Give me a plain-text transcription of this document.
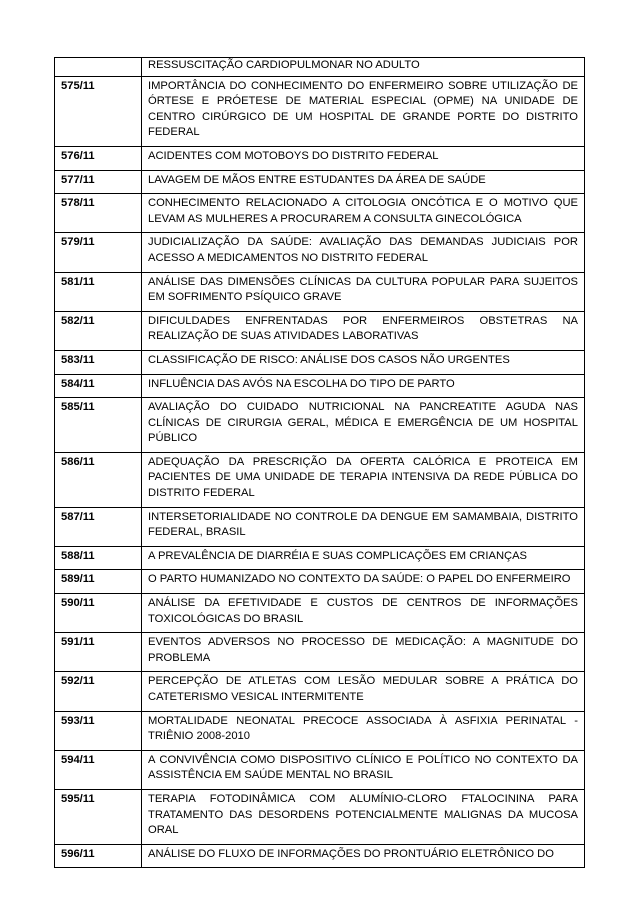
	RESSUSCITAÇÃO CARDIOPULMONAR NO ADULTO
575/11	IMPORTÂNCIA DO CONHECIMENTO DO ENFERMEIRO SOBRE UTILIZAÇÃO DE ÓRTESE E PRÓETESE DE MATERIAL ESPECIAL (OPME) NA UNIDADE DE CENTRO CIRÚRGICO DE UM HOSPITAL DE GRANDE PORTE DO DISTRITO FEDERAL
576/11	ACIDENTES COM MOTOBOYS DO DISTRITO FEDERAL
577/11	LAVAGEM DE MÃOS ENTRE ESTUDANTES DA ÁREA DE SAÚDE
578/11	CONHECIMENTO RELACIONADO A CITOLOGIA ONCÓTICA E O MOTIVO QUE LEVAM AS MULHERES A PROCURAREM A CONSULTA GINECOLÓGICA
579/11	JUDICIALIZAÇÃO DA SAÚDE: AVALIAÇÃO DAS DEMANDAS JUDICIAIS POR ACESSO A MEDICAMENTOS NO DISTRITO FEDERAL
581/11	ANÁLISE DAS DIMENSÕES CLÍNICAS DA CULTURA POPULAR PARA SUJEITOS EM SOFRIMENTO PSÍQUICO GRAVE
582/11	DIFICULDADES ENFRENTADAS POR ENFERMEIROS OBSTETRAS NA REALIZAÇÃO DE SUAS ATIVIDADES LABORATIVAS
583/11	CLASSIFICAÇÃO DE RISCO: ANÁLISE DOS CASOS NÃO URGENTES
584/11	INFLUÊNCIA DAS AVÓS NA ESCOLHA DO TIPO DE PARTO
585/11	AVALIAÇÃO DO CUIDADO NUTRICIONAL NA PANCREATITE AGUDA NAS CLÍNICAS DE CIRURGIA GERAL, MÉDICA E EMERGÊNCIA DE UM HOSPITAL PÚBLICO
586/11	ADEQUAÇÃO DA PRESCRIÇÃO DA OFERTA CALÓRICA E PROTEICA EM PACIENTES DE UMA UNIDADE DE TERAPIA INTENSIVA DA REDE PÚBLICA DO DISTRITO FEDERAL
587/11	INTERSETORIALIDADE NO CONTROLE DA DENGUE EM SAMAMBAIA, DISTRITO FEDERAL, BRASIL
588/11	A PREVALÊNCIA DE DIARRÉIA E SUAS COMPLICAÇÕES EM CRIANÇAS
589/11	O PARTO HUMANIZADO NO CONTEXTO DA SAÚDE: O PAPEL DO ENFERMEIRO
590/11	ANÁLISE DA EFETIVIDADE E CUSTOS DE CENTROS DE INFORMAÇÕES TOXICOLÓGICAS DO BRASIL
591/11	EVENTOS ADVERSOS NO PROCESSO DE MEDICAÇÃO: A MAGNITUDE DO PROBLEMA
592/11	PERCEPÇÃO DE ATLETAS COM LESÃO MEDULAR SOBRE A PRÁTICA DO CATETERISMO VESICAL INTERMITENTE
593/11	MORTALIDADE NEONATAL PRECOCE ASSOCIADA À ASFIXIA PERINATAL - TRIÊNIO 2008-2010
594/11	A CONVIVÊNCIA COMO DISPOSITIVO CLÍNICO E POLÍTICO NO CONTEXTO DA ASSISTÊNCIA EM SAÚDE MENTAL NO BRASIL
595/11	TERAPIA FOTODINÂMICA COM ALUMÍNIO-CLORO FTALOCININA PARA TRATAMENTO DAS DESORDENS POTENCIALMENTE MALIGNAS DA MUCOSA ORAL
596/11	ANÁLISE DO FLUXO DE INFORMAÇÕES DO PRONTUÁRIO ELETRÔNICO DO
